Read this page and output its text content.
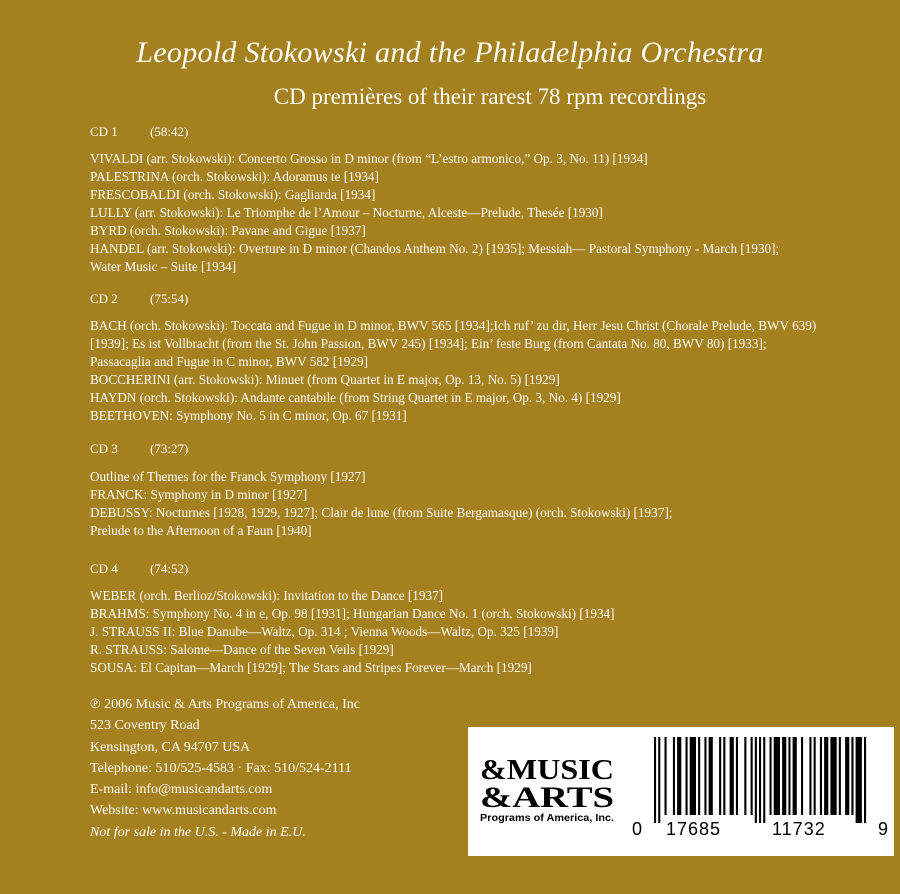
Leopold Stokowski and the Philadelphia Orchestra
CD premières of their rarest 78 rpm recordings
CD 1 (58:42)
VIVALDI (arr. Stokowski): Concerto Grosso in D minor (from “L’estro armonico,” Op. 3, No. 11) [1934]
PALESTRINA (orch. Stokowski): Adoramus te [1934]
FRESCOBALDI (orch. Stokowski): Gagliarda [1934]
LULLY (arr. Stokowski): Le Triomphe de l’Amour – Nocturne, Alceste—Prelude, Thesée [1930]
BYRD (orch. Stokowski): Pavane and Gigue [1937]
HANDEL (arr. Stokowski): Overture in D minor (Chandos Anthem No. 2) [1935]; Messiah— Pastoral Symphony - March [1930];
Water Music – Suite [1934]
CD 2 (75:54)
BACH (orch. Stokowski): Toccata and Fugue in D minor, BWV 565 [1934];Ich ruf’ zu dir, Herr Jesu Christ (Chorale Prelude, BWV 639)
[1939]; Es ist Vollbracht (from the St. John Passion, BWV 245) [1934]; Ein’ feste Burg (from Cantata No. 80, BWV 80) [1933];
Passacaglia and Fugue in C minor, BWV 582 [1929]
BOCCHERINI (arr. Stokowski): Minuet (from Quartet in E major, Op. 13, No. 5) [1929]
HAYDN (orch. Stokowski): Andante cantabile (from String Quartet in E major, Op. 3, No. 4) [1929]
BEETHOVEN: Symphony No. 5 in C minor, Op. 67 [1931]
CD 3 (73:27)
Outline of Themes for the Franck Symphony [1927]
FRANCK: Symphony in D minor [1927]
DEBUSSY: Nocturnes [1928, 1929, 1927]; Clair de lune (from Suite Bergamasque) (orch. Stokowski) [1937];
Prelude to the Afternoon of a Faun [1940]
CD 4 (74:52)
WEBER (orch. Berlioz/Stokowski): Invitation to the Dance [1937]
BRAHMS: Symphony No. 4 in e, Op. 98 [1931]; Hungarian Dance No. 1 (orch. Stokowski) [1934]
J. STRAUSS II: Blue Danube—Waltz, Op. 314 ; Vienna Woods—Waltz, Op. 325 [1939]
R. STRAUSS: Salome—Dance of the Seven Veils [1929]
SOUSA: El Capitan—March [1929]; The Stars and Stripes Forever—March [1929]
℗ 2006 Music & Arts Programs of America, Inc
523 Coventry Road
Kensington, CA 94707 USA
Telephone: 510/525-4583 · Fax: 510/524-2111
E-mail: info@musicandarts.com
Website: www.musicandarts.com
Not for sale in the U.S. - Made in E.U.
&MUSIC
&ARTS
Programs of America, Inc.
0 17685	11732	9
